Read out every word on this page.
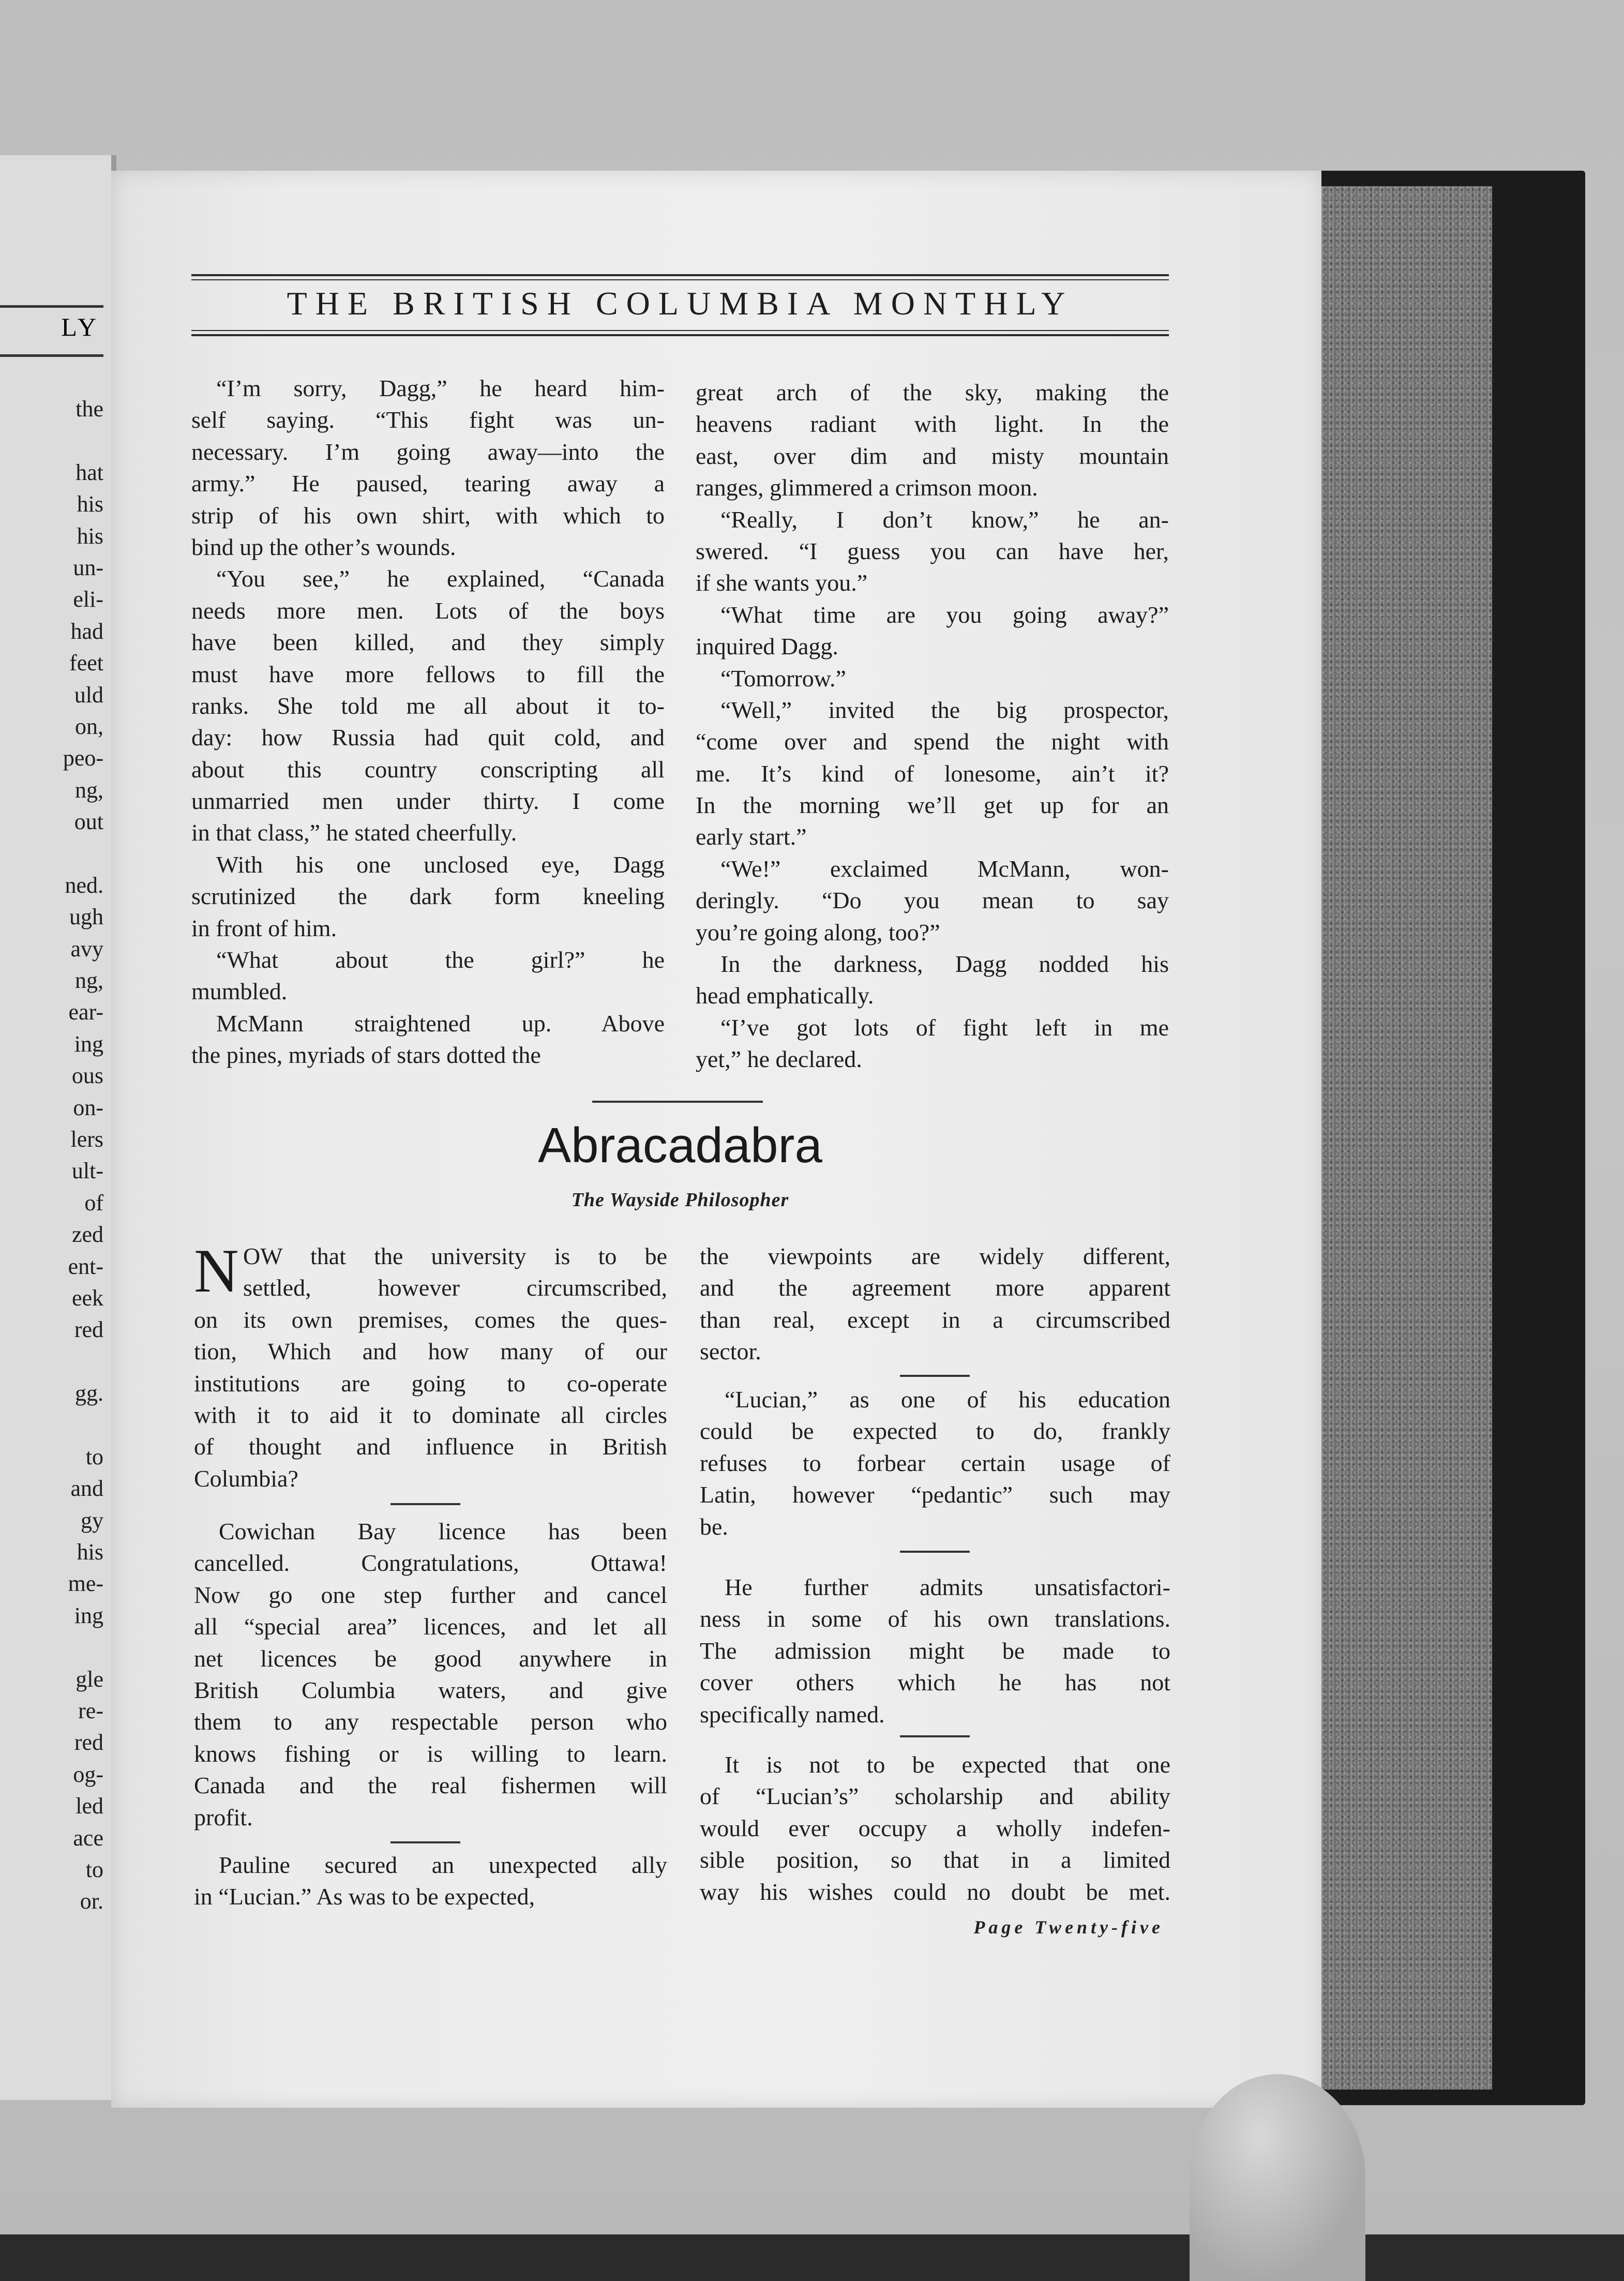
LY
the
hat
his
his
un-
eli-
had
feet
uld
on,
peo-
ng,
out
ned.
ugh
avy
ng,
ear-
ing
ous
on-
lers
ult-
of
zed
ent-
eek
red
gg.
to
and
gy
his
me-
ing
gle
re-
red
og-
led
ace
to
or.
THE BRITISH COLUMBIA MONTHLY
“I’m sorry, Dagg,” he heard him-
self saying. “This fight was un-
necessary. I’m going away—into the
army.” He paused, tearing away a
strip of his own shirt, with which to
bind up the other’s wounds.
“You see,” he explained, “Canada
needs more men. Lots of the boys
have been killed, and they simply
must have more fellows to fill the
ranks. She told me all about it to-
day: how Russia had quit cold, and
about this country conscripting all
unmarried men under thirty. I come
in that class,” he stated cheerfully.
With his one unclosed eye, Dagg
scrutinized the dark form kneeling
in front of him.
“What about the girl?” he
mumbled.
McMann straightened up. Above
the pines, myriads of stars dotted the
great arch of the sky, making the
heavens radiant with light. In the
east, over dim and misty mountain
ranges, glimmered a crimson moon.
“Really, I don’t know,” he an-
swered. “I guess you can have her,
if she wants you.”
“What time are you going away?”
inquired Dagg.
“Tomorrow.”
“Well,” invited the big prospector,
“come over and spend the night with
me. It’s kind of lonesome, ain’t it?
In the morning we’ll get up for an
early start.”
“We!” exclaimed McMann, won-
deringly. “Do you mean to say
you’re going along, too?”
In the darkness, Dagg nodded his
head emphatically.
“I’ve got lots of fight left in me
yet,” he declared.
Abracadabra
The Wayside Philosopher
N OW that the university is to be
settled, however circumscribed,
on its own premises, comes the ques-
tion, Which and how many of our
institutions are going to co-operate
with it to aid it to dominate all circles
of thought and influence in British
Columbia?
Cowichan Bay licence has been
cancelled. Congratulations, Ottawa!
Now go one step further and cancel
all “special area” licences, and let all
net licences be good anywhere in
British Columbia waters, and give
them to any respectable person who
knows fishing or is willing to learn.
Canada and the real fishermen will
profit.
Pauline secured an unexpected ally
in “Lucian.” As was to be expected,
the viewpoints are widely different,
and the agreement more apparent
than real, except in a circumscribed
sector.
“Lucian,” as one of his education
could be expected to do, frankly
refuses to forbear certain usage of
Latin, however “pedantic” such may
be.
He further admits unsatisfactori-
ness in some of his own translations.
The admission might be made to
cover others which he has not
specifically named.
It is not to be expected that one
of “Lucian’s” scholarship and ability
would ever occupy a wholly indefen-
sible position, so that in a limited
way his wishes could no doubt be met.
Page Twenty-five
